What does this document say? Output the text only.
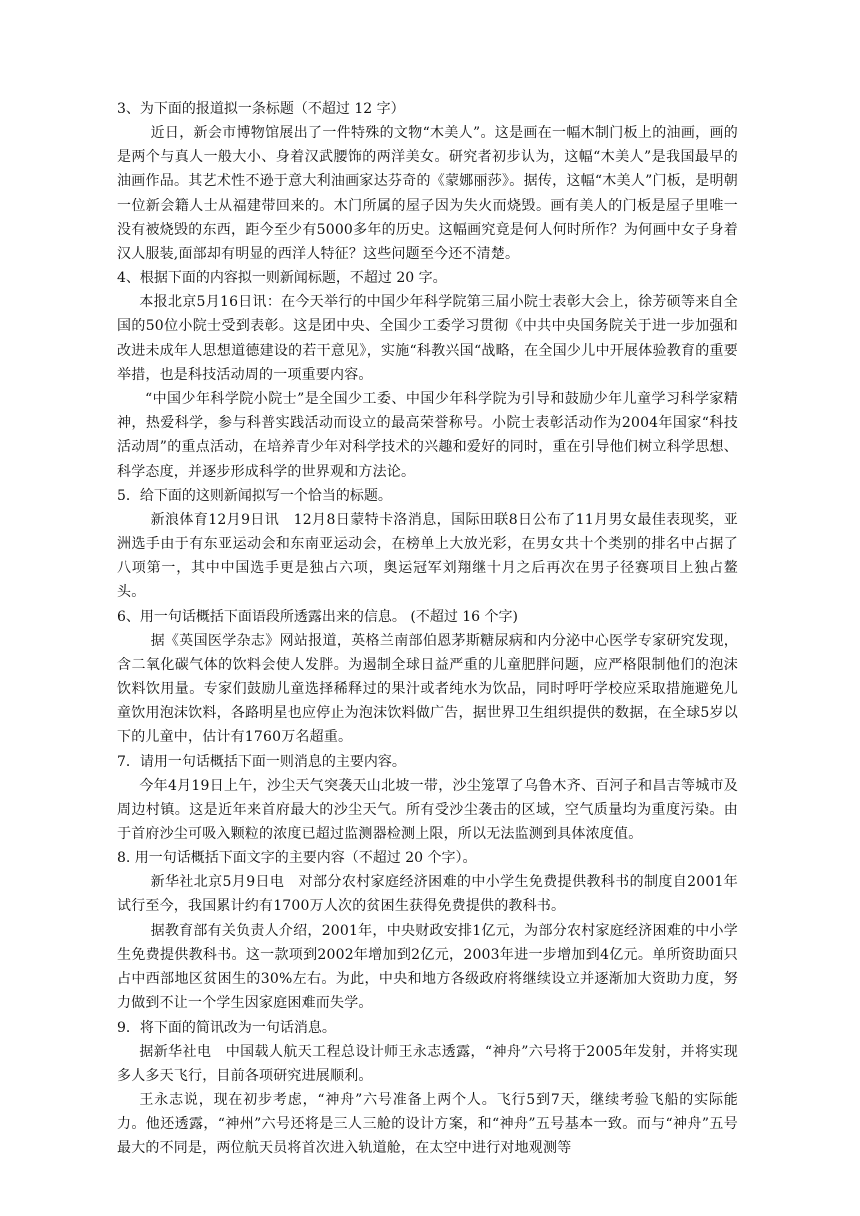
3、为下面的报道拟一条标题（不超过 12 字）

近日，新会市博物馆展出了一件特殊的文物“木美人”。这是画在一幅木制门板上的油画，画的是两个与真人一般大小、身着汉武腰饰的两洋美女。研究者初步认为，这幅“木美人”是我国最早的油画作品。其艺术性不逊于意大利油画家达芬奇的《蒙娜丽莎》。据传，这幅“木美人”门板，是明朝一位新会籍人士从福建带回来的。木门所属的屋子因为失火而烧毁。画有美人的门板是屋子里唯一没有被烧毁的东西，距今至少有5000多年的历史。这幅画究竟是何人何时所作？为何画中女子身着汉人服装,面部却有明显的西洋人特征？这些问题至今还不清楚。

4、根据下面的内容拟一则新闻标题，不超过 20 字。

本报北京5月16日讯：在今天举行的中国少年科学院第三届小院士表彰大会上，徐芳硕等来自全国的50位小院士受到表彰。这是团中央、全国少工委学习贯彻《中共中央国务院关于进一步加强和改进未成年人思想道德建设的若干意见》，实施“科教兴国“战略，在全国少儿中开展体验教育的重要举措，也是科技活动周的一项重要内容。

“中国少年科学院小院士”是全国少工委、中国少年科学院为引导和鼓励少年儿童学习科学家精神，热爱科学，参与科普实践活动而设立的最高荣誉称号。小院士表彰活动作为2004年国家“科技活动周”的重点活动，在培养青少年对科学技术的兴趣和爱好的同时，重在引导他们树立科学思想、科学态度，并逐步形成科学的世界观和方法论。

5．给下面的这则新闻拟写一个恰当的标题。

新浪体育12月9日讯　12月8日蒙特卡洛消息，国际田联8日公布了11月男女最佳表现奖，亚洲选手由于有东亚运动会和东南亚运动会，在榜单上大放光彩，在男女共十个类别的排名中占据了八项第一，其中中国选手更是独占六项，奥运冠军刘翔继十月之后再次在男子径赛项目上独占鳌头。

6、用一句话概括下面语段所透露出来的信息。 (不超过 16 个字)

据《英国医学杂志》网站报道，英格兰南部伯恩茅斯糖尿病和内分泌中心医学专家研究发现，含二氧化碳气体的饮料会使人发胖。为遏制全球日益严重的儿童肥胖问题，应严格限制他们的泡沫饮料饮用量。专家们鼓励儿童选择稀释过的果汁或者纯水为饮品，同时呼吁学校应采取措施避免儿童饮用泡沫饮料，各路明星也应停止为泡沫饮料做广告，据世界卫生组织提供的数据，在全球5岁以下的儿童中，估计有1760万名超重。

7．请用一句话概括下面一则消息的主要内容。

今年4月19日上午，沙尘天气突袭天山北坡一带，沙尘笼罩了乌鲁木齐、百河子和昌吉等城市及周边村镇。这是近年来首府最大的沙尘天气。所有受沙尘袭击的区域，空气质量均为重度污染。由于首府沙尘可吸入颗粒的浓度已超过监测器检测上限，所以无法监测到具体浓度值。

8. 用一句话概括下面文字的主要内容（不超过 20 个字）。

新华社北京5月9日电　对部分农村家庭经济困难的中小学生免费提供教科书的制度自2001年试行至今，我国累计约有1700万人次的贫困生获得免费提供的教科书。

据教育部有关负责人介绍，2001年，中央财政安排1亿元，为部分农村家庭经济困难的中小学生免费提供教科书。这一款项到2002年增加到2亿元，2003年进一步增加到4亿元。单所资助面只占中西部地区贫困生的30%左右。为此，中央和地方各级政府将继续设立并逐渐加大资助力度，努力做到不让一个学生因家庭困难而失学。

9．将下面的简讯改为一句话消息。

据新华社电　中国载人航天工程总设计师王永志透露，“神舟”六号将于2005年发射，并将实现多人多天飞行，目前各项研究进展顺利。

王永志说，现在初步考虑，“神舟”六号准备上两个人。飞行5到7天，继续考验飞船的实际能力。他还透露，“神州”六号还将是三人三舱的设计方案，和“神舟”五号基本一致。而与“神舟”五号最大的不同是，两位航天员将首次进入轨道舱，在太空中进行对地观测等
